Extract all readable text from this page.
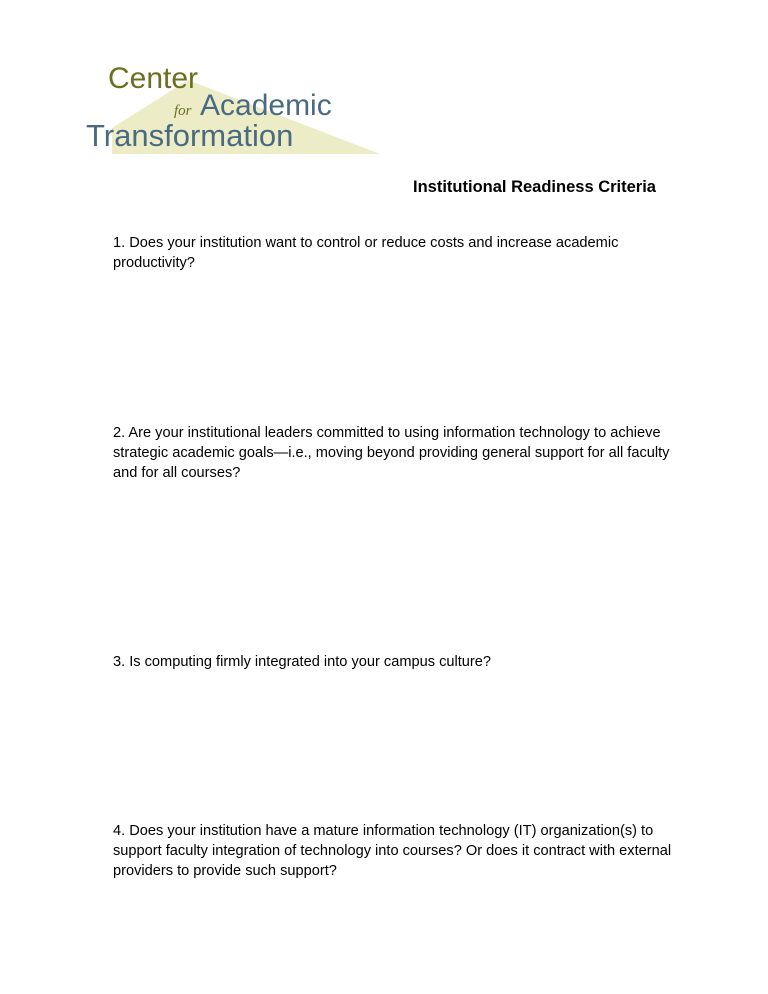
Center
for Academic
Transformation
Institutional Readiness Criteria

1. Does your institution want to control or reduce costs and increase academic productivity?

2. Are your institutional leaders committed to using information technology to achieve strategic academic goals—i.e., moving beyond providing general support for all faculty and for all courses?

3. Is computing firmly integrated into your campus culture?

4. Does your institution have a mature information technology (IT) organization(s) to support faculty integration of technology into courses? Or does it contract with external providers to provide such support?
